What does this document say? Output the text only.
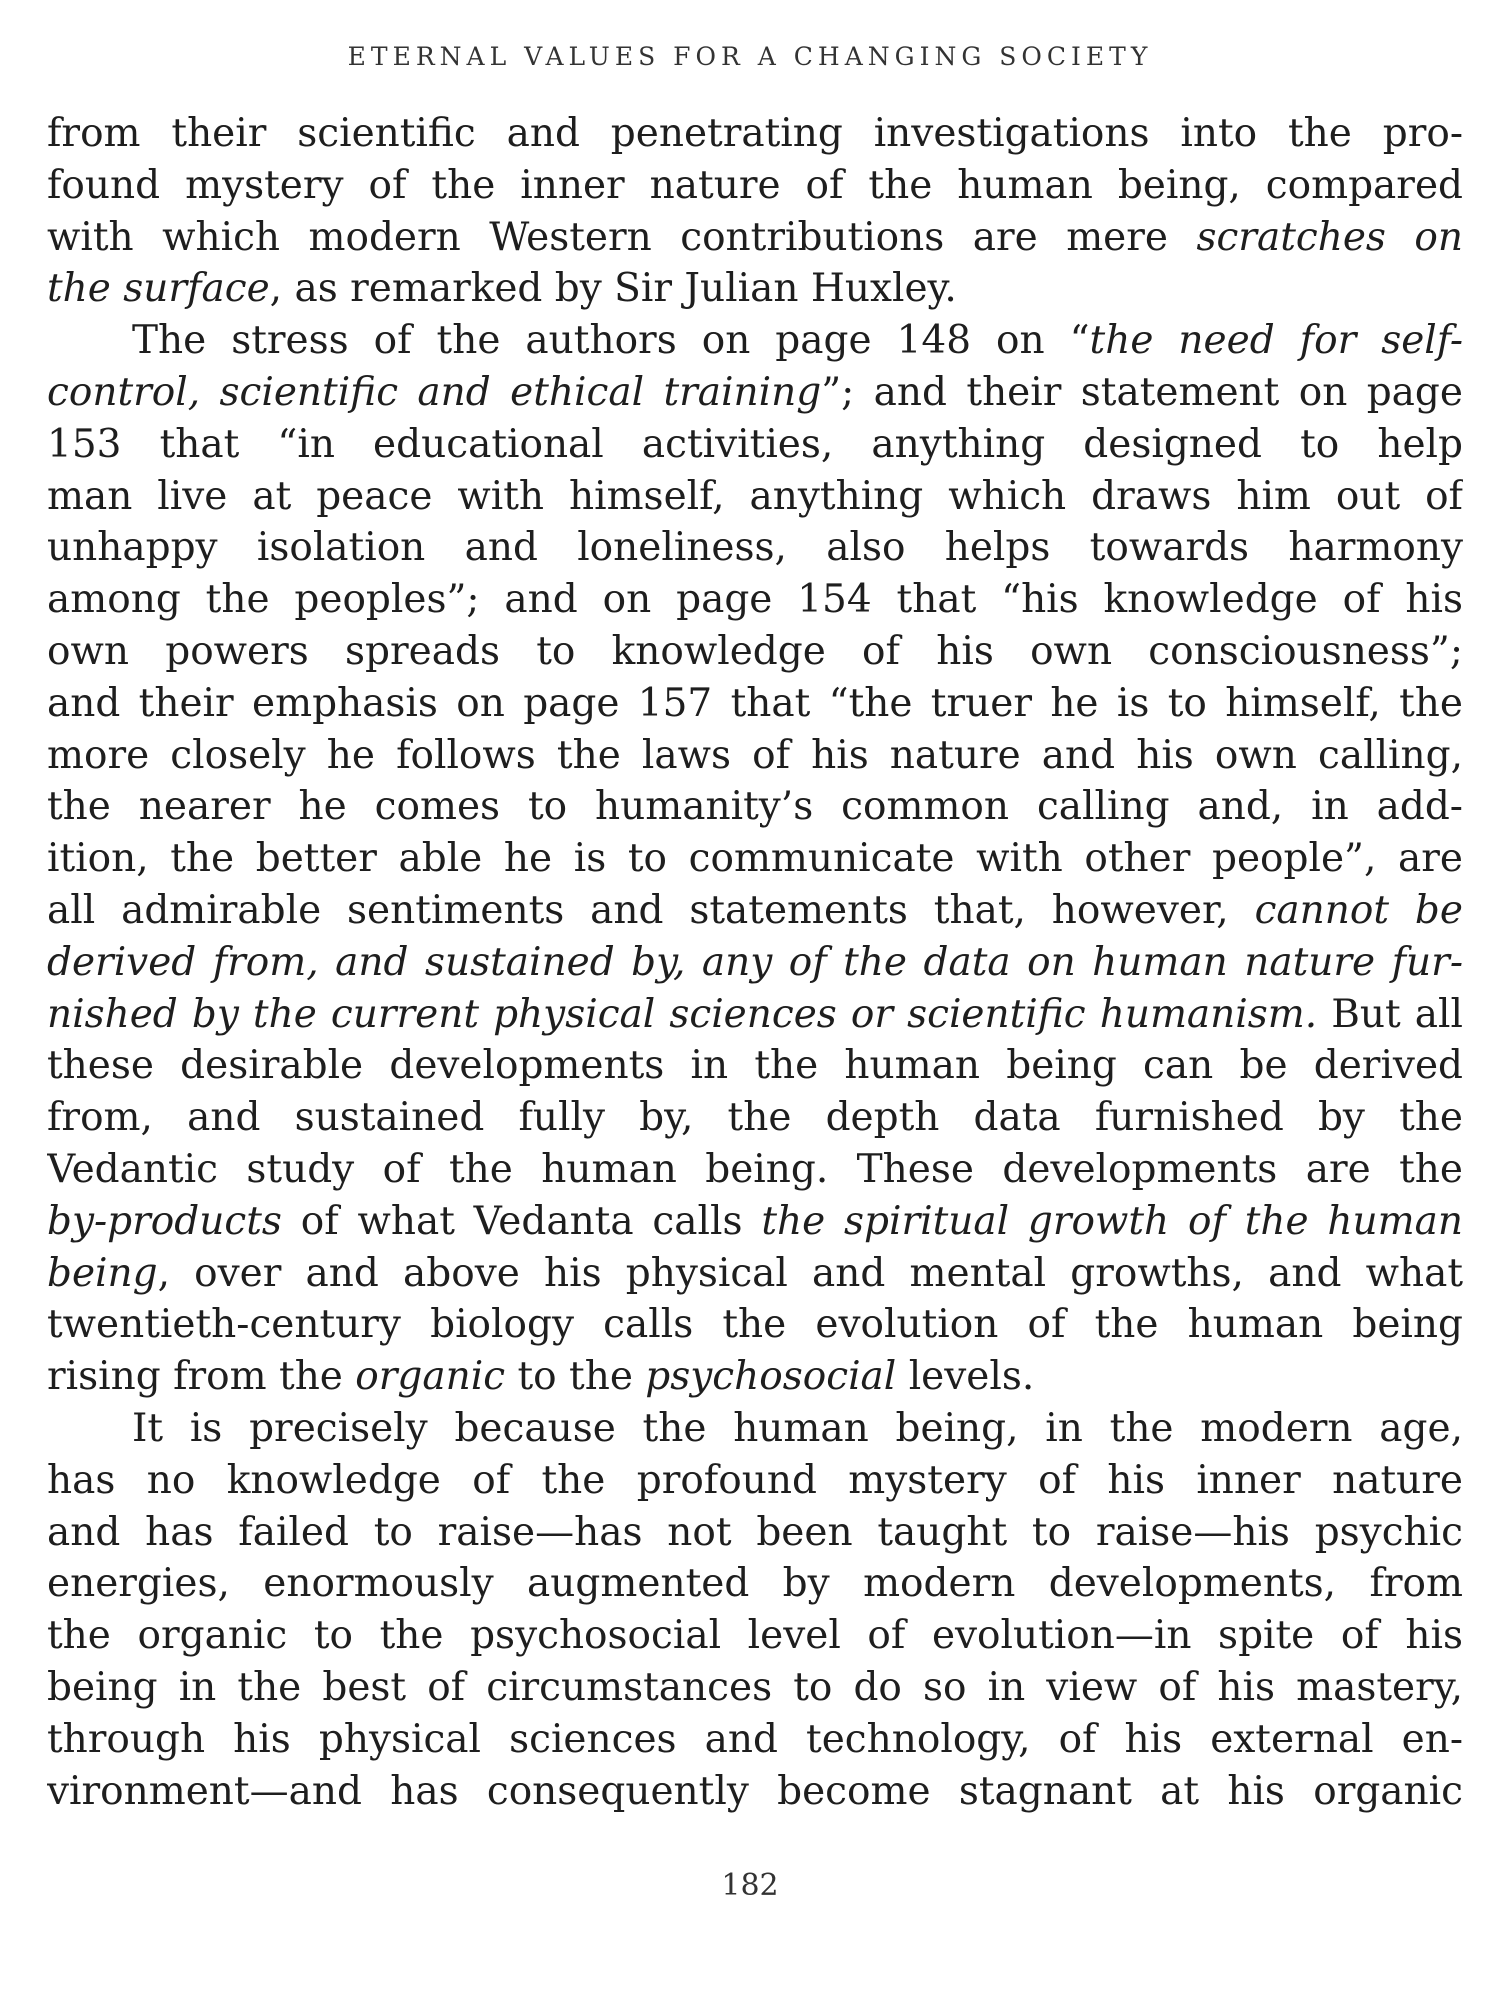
ETERNAL VALUES FOR A CHANGING SOCIETY
from their scientific and penetrating investigations into the pro-
found mystery of the inner nature of the human being, compared
with which modern Western contributions are mere scratches on
the surface, as remarked by Sir Julian Huxley.
The stress of the authors on page 148 on “the need for self-
control, scientific and ethical training”; and their statement on page
153 that “in educational activities, anything designed to help
man live at peace with himself, anything which draws him out of
unhappy isolation and loneliness, also helps towards harmony
among the peoples”; and on page 154 that “his knowledge of his
own powers spreads to knowledge of his own consciousness”;
and their emphasis on page 157 that “the truer he is to himself, the
more closely he follows the laws of his nature and his own calling,
the nearer he comes to humanity’s common calling and, in add-
ition, the better able he is to communicate with other people”, are
all admirable sentiments and statements that, however, cannot be
derived from, and sustained by, any of the data on human nature fur-
nished by the current physical sciences or scientific humanism. But all
these desirable developments in the human being can be derived
from, and sustained fully by, the depth data furnished by the
Vedantic study of the human being. These developments are the
by-products of what Vedanta calls the spiritual growth of the human
being, over and above his physical and mental growths, and what
twentieth-century biology calls the evolution of the human being
rising from the organic to the psychosocial levels.
It is precisely because the human being, in the modern age,
has no knowledge of the profound mystery of his inner nature
and has failed to raise—has not been taught to raise—his psychic
energies, enormously augmented by modern developments, from
the organic to the psychosocial level of evolution—in spite of his
being in the best of circumstances to do so in view of his mastery,
through his physical sciences and technology, of his external en-
vironment—and has consequently become stagnant at his organic
182
